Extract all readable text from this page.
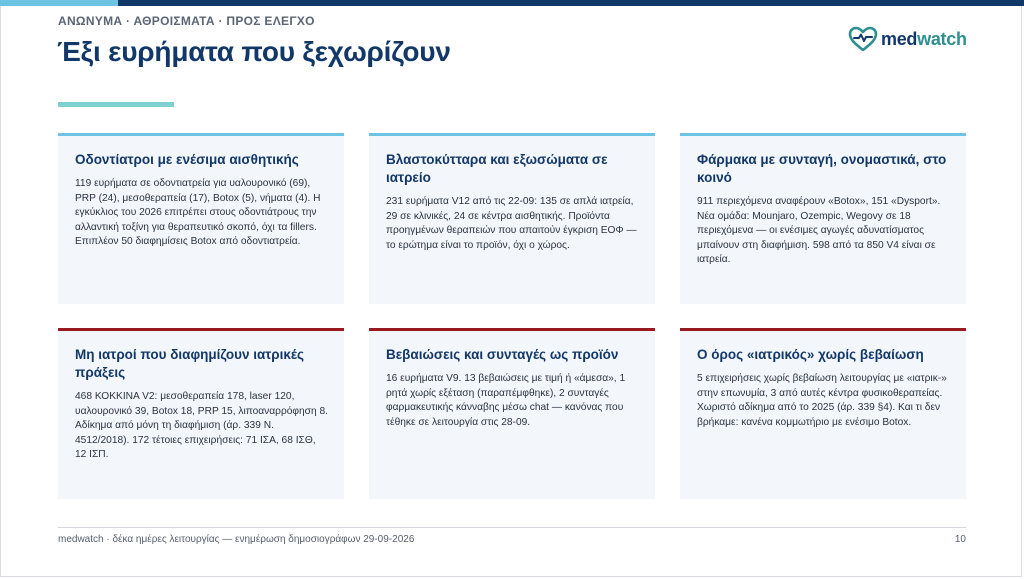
ΑΝΩΝΥΜΑ · ΑΘΡΟΙΣΜΑΤΑ · ΠΡΟΣ ΕΛΕΓΧΟ
Έξι ευρήματα που ξεχωρίζουν	medwatch

Οδοντίατροι με ενέσιμα αισθητικής

119 ευρήματα σε οδοντιατρεία για υαλουρονικό (69), PRP (24), μεσοθεραπεία (17), Botox (5), νήματα (4). Η εγκύκλιος του 2026 επιτρέπει στους οδοντιάτρους την αλλαντική τοξίνη για θεραπευτικό σκοπό, όχι τα fillers. Επιπλέον 50 διαφημίσεις Botox από οδοντιατρεία.

Βλαστοκύτταρα και εξωσώματα σε ιατρείο

231 ευρήματα V12 από τις 22-09: 135 σε απλά ιατρεία, 29 σε κλινικές, 24 σε κέντρα αισθητικής. Προϊόντα προηγμένων θεραπειών που απαιτούν έγκριση ΕΟΦ — το ερώτημα είναι το προϊόν, όχι ο χώρος.

Φάρμακα με συνταγή, ονομαστικά, στο κοινό

911 περιεχόμενα αναφέρουν «Botox», 151 «Dysport». Νέα ομάδα: Mounjaro, Ozempic, Wegovy σε 18 περιεχόμενα — οι ενέσιμες αγωγές αδυνατίσματος μπαίνουν στη διαφήμιση. 598 από τα 850 V4 είναι σε ιατρεία.

Μη ιατροί που διαφημίζουν ιατρικές πράξεις

468 ΚΟΚΚΙΝΑ V2: μεσοθεραπεία 178, laser 120, υαλουρονικό 39, Botox 18, PRP 15, λιποαναρρόφηση 8. Αδίκημα από μόνη τη διαφήμιση (άρ. 339 Ν. 4512/2018). 172 τέτοιες επιχειρήσεις: 71 ΙΣΑ, 68 ΙΣΘ, 12 ΙΣΠ.

Βεβαιώσεις και συνταγές ως προϊόν

16 ευρήματα V9. 13 βεβαιώσεις με τιμή ή «άμεσα», 1 ρητά χωρίς εξέταση (παραπέμφθηκε), 2 συνταγές φαρμακευτικής κάνναβης μέσω chat — κανόνας που τέθηκε σε λειτουργία στις 28-09.

Ο όρος «ιατρικός» χωρίς βεβαίωση

5 επιχειρήσεις χωρίς βεβαίωση λειτουργίας με «ιατρικ-» στην επωνυμία, 3 από αυτές κέντρα φυσικοθεραπείας. Χωριστό αδίκημα από το 2025 (άρ. 339 §4). Και τι δεν βρήκαμε: κανένα κομμωτήριο με ενέσιμο Botox.

medwatch · δέκα ημέρες λειτουργίας — ενημέρωση δημοσιογράφων 29-09-2026	10
